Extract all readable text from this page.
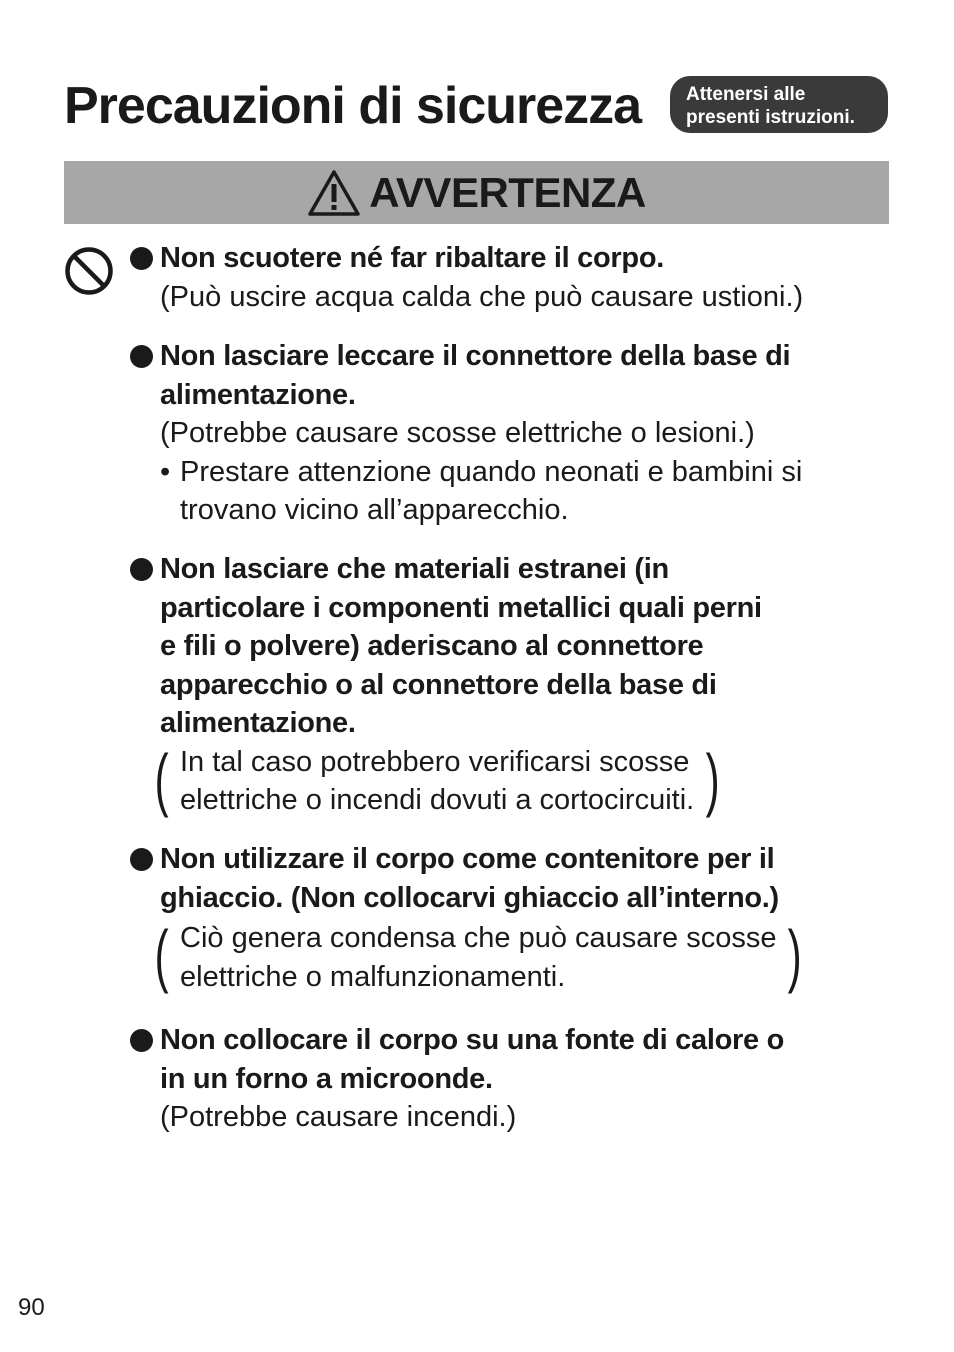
Precauzioni di sicurezza Attenersi alle
presenti istruzioni.
AVVERTENZA
Non scuotere né far ribaltare il corpo.
(Può uscire acqua calda che può causare ustioni.)
Non lasciare leccare il connettore della base di
alimentazione.
(Potrebbe causare scosse elettriche o lesioni.)
• Prestare attenzione quando neonati e bambini si
trovano vicino all’apparecchio.
Non lasciare che materiali estranei (in
particolare i componenti metallici quali perni
e fili o polvere) aderiscano al connettore
apparecchio o al connettore della base di
alimentazione.
( In tal caso potrebbero verificarsi scosse
elettriche o incendi dovuti a cortocircuiti. )
Non utilizzare il corpo come contenitore per il
ghiaccio. (Non collocarvi ghiaccio all’interno.)
( Ciò genera condensa che può causare scosse
elettriche o malfunzionamenti.	)
Non collocare il corpo su una fonte di calore o
in un forno a microonde.
(Potrebbe causare incendi.)
90
